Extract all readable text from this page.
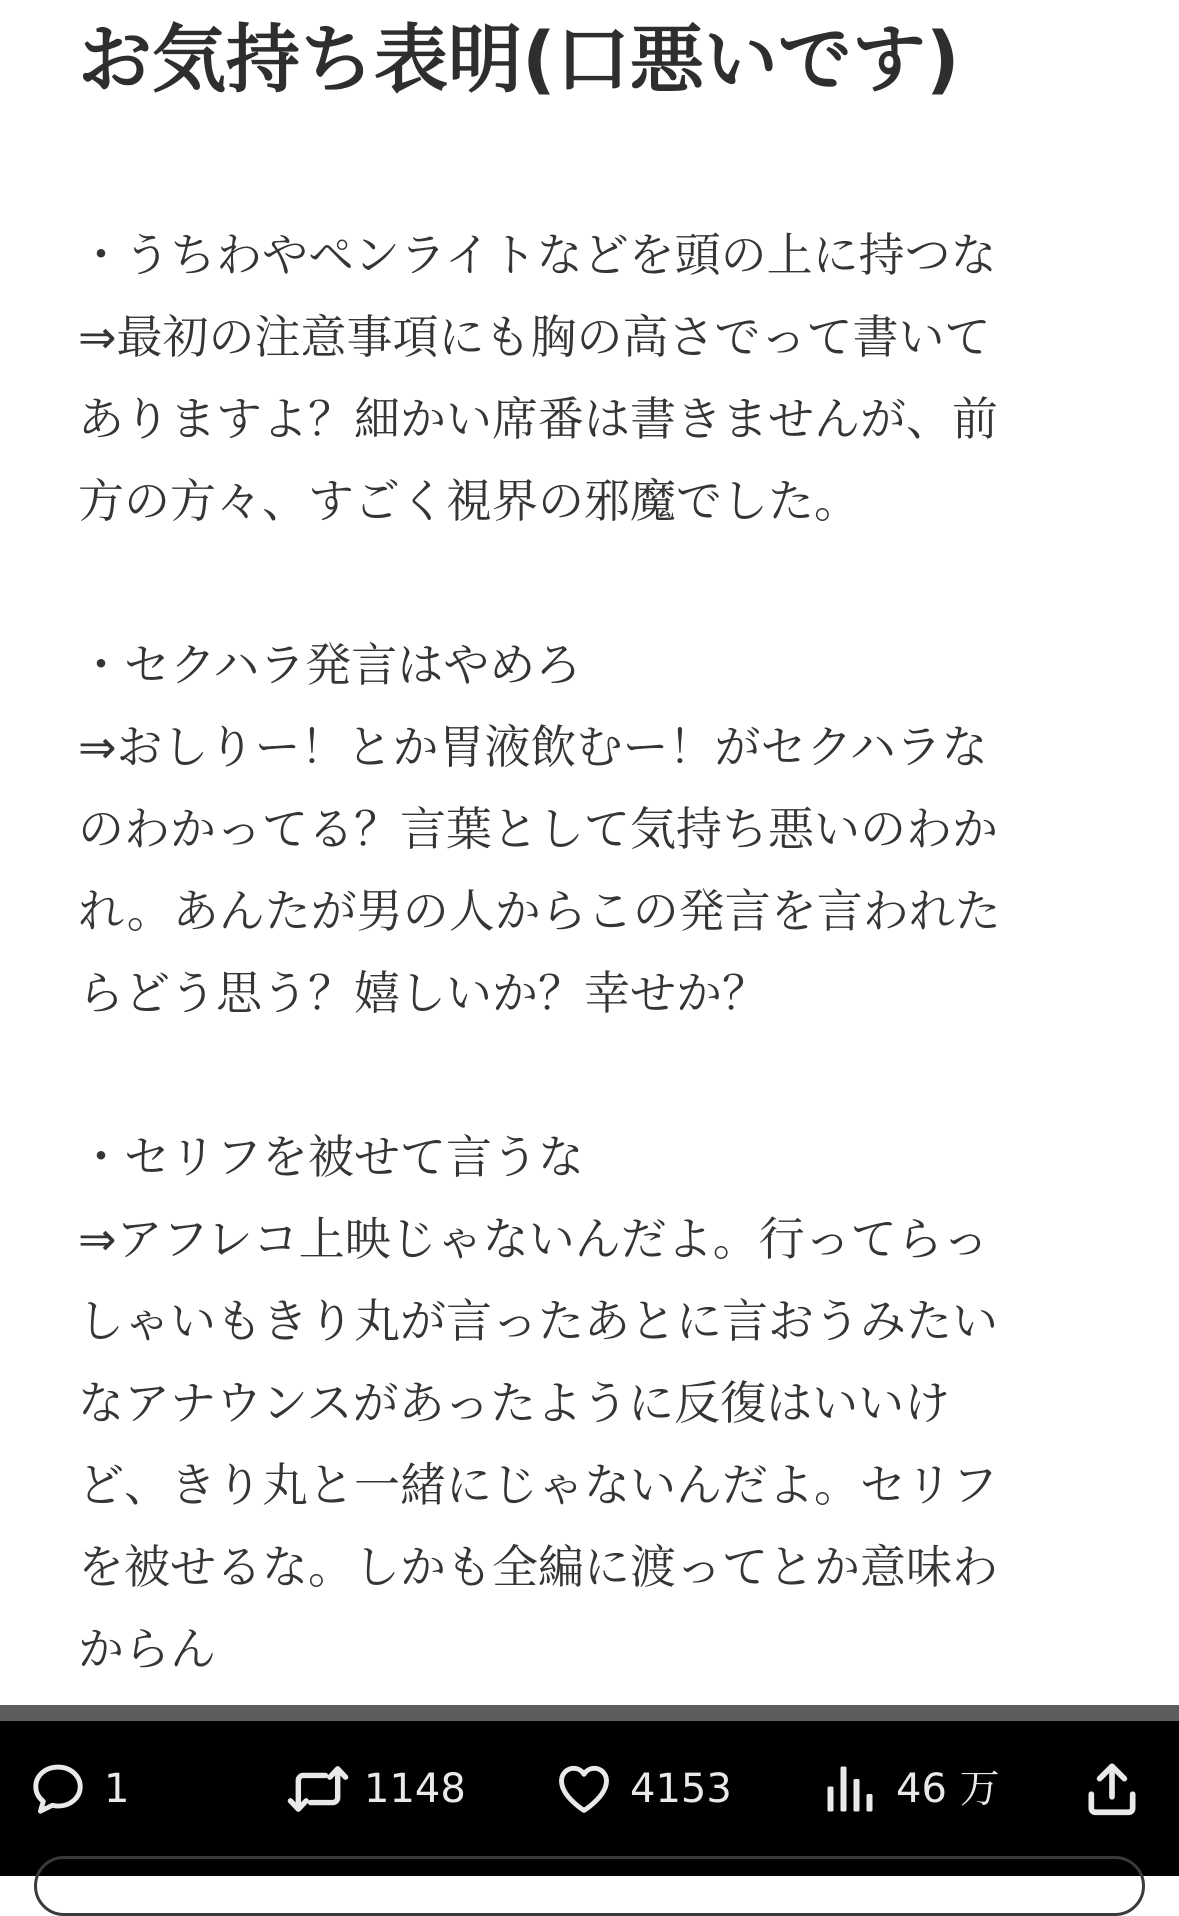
お気持ち表明(口悪いです)
・うちわやペンライトなどを頭の上に持つな
⇒最初の注意事項にも胸の高さでって書いて
ありますよ？細かい席番は書きませんが、前
方の方々、すごく視界の邪魔でした。
・セクハラ発言はやめろ
⇒おしりー！とか胃液飲むー！がセクハラな
のわかってる？言葉として気持ち悪いのわか
れ。あんたが男の人からこの発言を言われた
らどう思う？嬉しいか？幸せか？
・セリフを被せて言うな
⇒アフレコ上映じゃないんだよ。行ってらっ
しゃいもきり丸が言ったあとに言おうみたい
なアナウンスがあったように反復はいいけ
ど、きり丸と一緒にじゃないんだよ。セリフ
を被せるな。しかも全編に渡ってとか意味わ
からん
1	1148	4153	46 万
